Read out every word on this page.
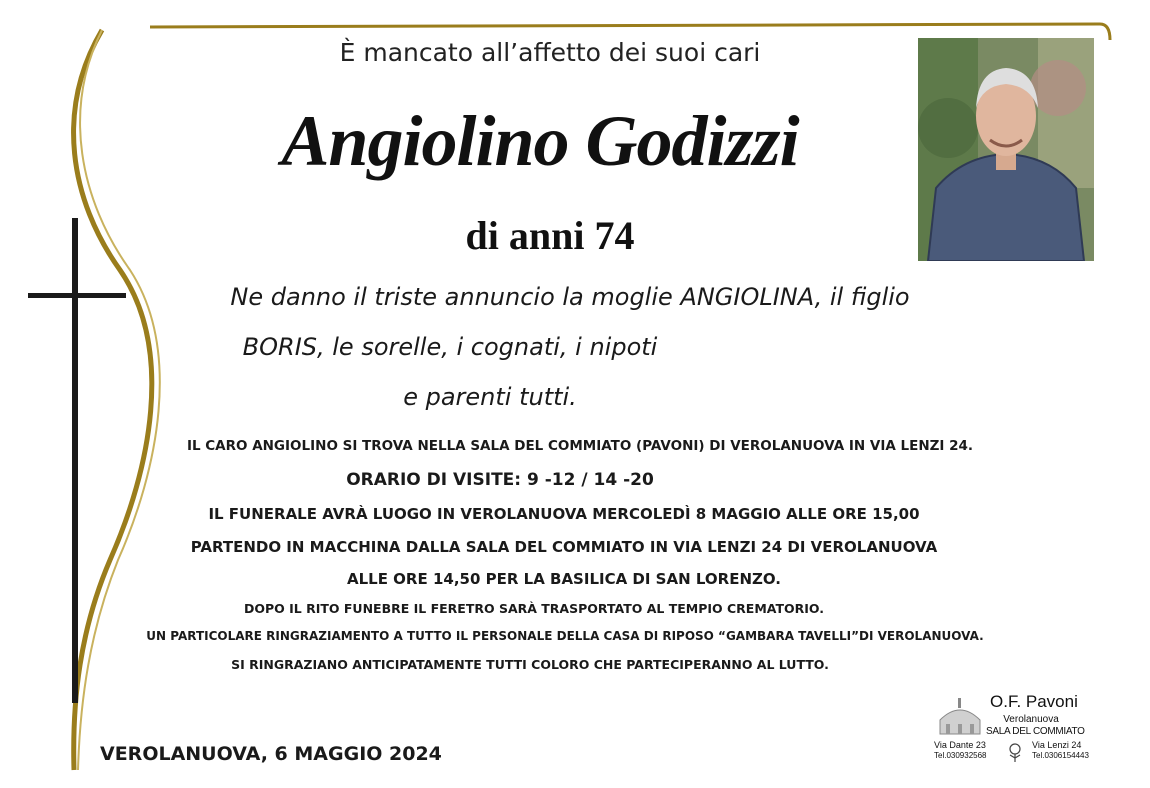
È mancato all’affetto dei suoi cari
Angiolino Godizzi
di anni 74
Ne danno il triste annuncio la moglie ANGIOLINA, il figlio
BORIS, le sorelle, i cognati, i nipoti
e parenti tutti.
IL CARO ANGIOLINO SI TROVA NELLA SALA DEL COMMIATO (PAVONI) DI VEROLANUOVA IN VIA LENZI 24.
ORARIO DI VISITE: 9 -12 / 14 -20
IL FUNERALE AVRÀ LUOGO IN VEROLANUOVA MERCOLEDÌ 8 MAGGIO ALLE ORE 15,00
PARTENDO IN MACCHINA DALLA SALA DEL COMMIATO IN VIA LENZI 24 DI VEROLANUOVA
ALLE ORE 14,50 PER LA BASILICA DI SAN LORENZO.
DOPO IL RITO FUNEBRE IL FERETRO SARÀ TRASPORTATO AL TEMPIO CREMATORIO.
UN PARTICOLARE RINGRAZIAMENTO A TUTTO IL PERSONALE DELLA CASA DI RIPOSO “GAMBARA TAVELLI”DI VEROLANUOVA.
SI RINGRAZIANO ANTICIPATAMENTE TUTTI COLORO CHE PARTECIPERANNO AL LUTTO.
VEROLANUOVA, 6 MAGGIO 2024
O.F. Pavoni
Verolanuova
SALA DEL COMMIATO
Via Dante 23
Tel.030932568
Via Lenzi 24
Tel.0306154443
